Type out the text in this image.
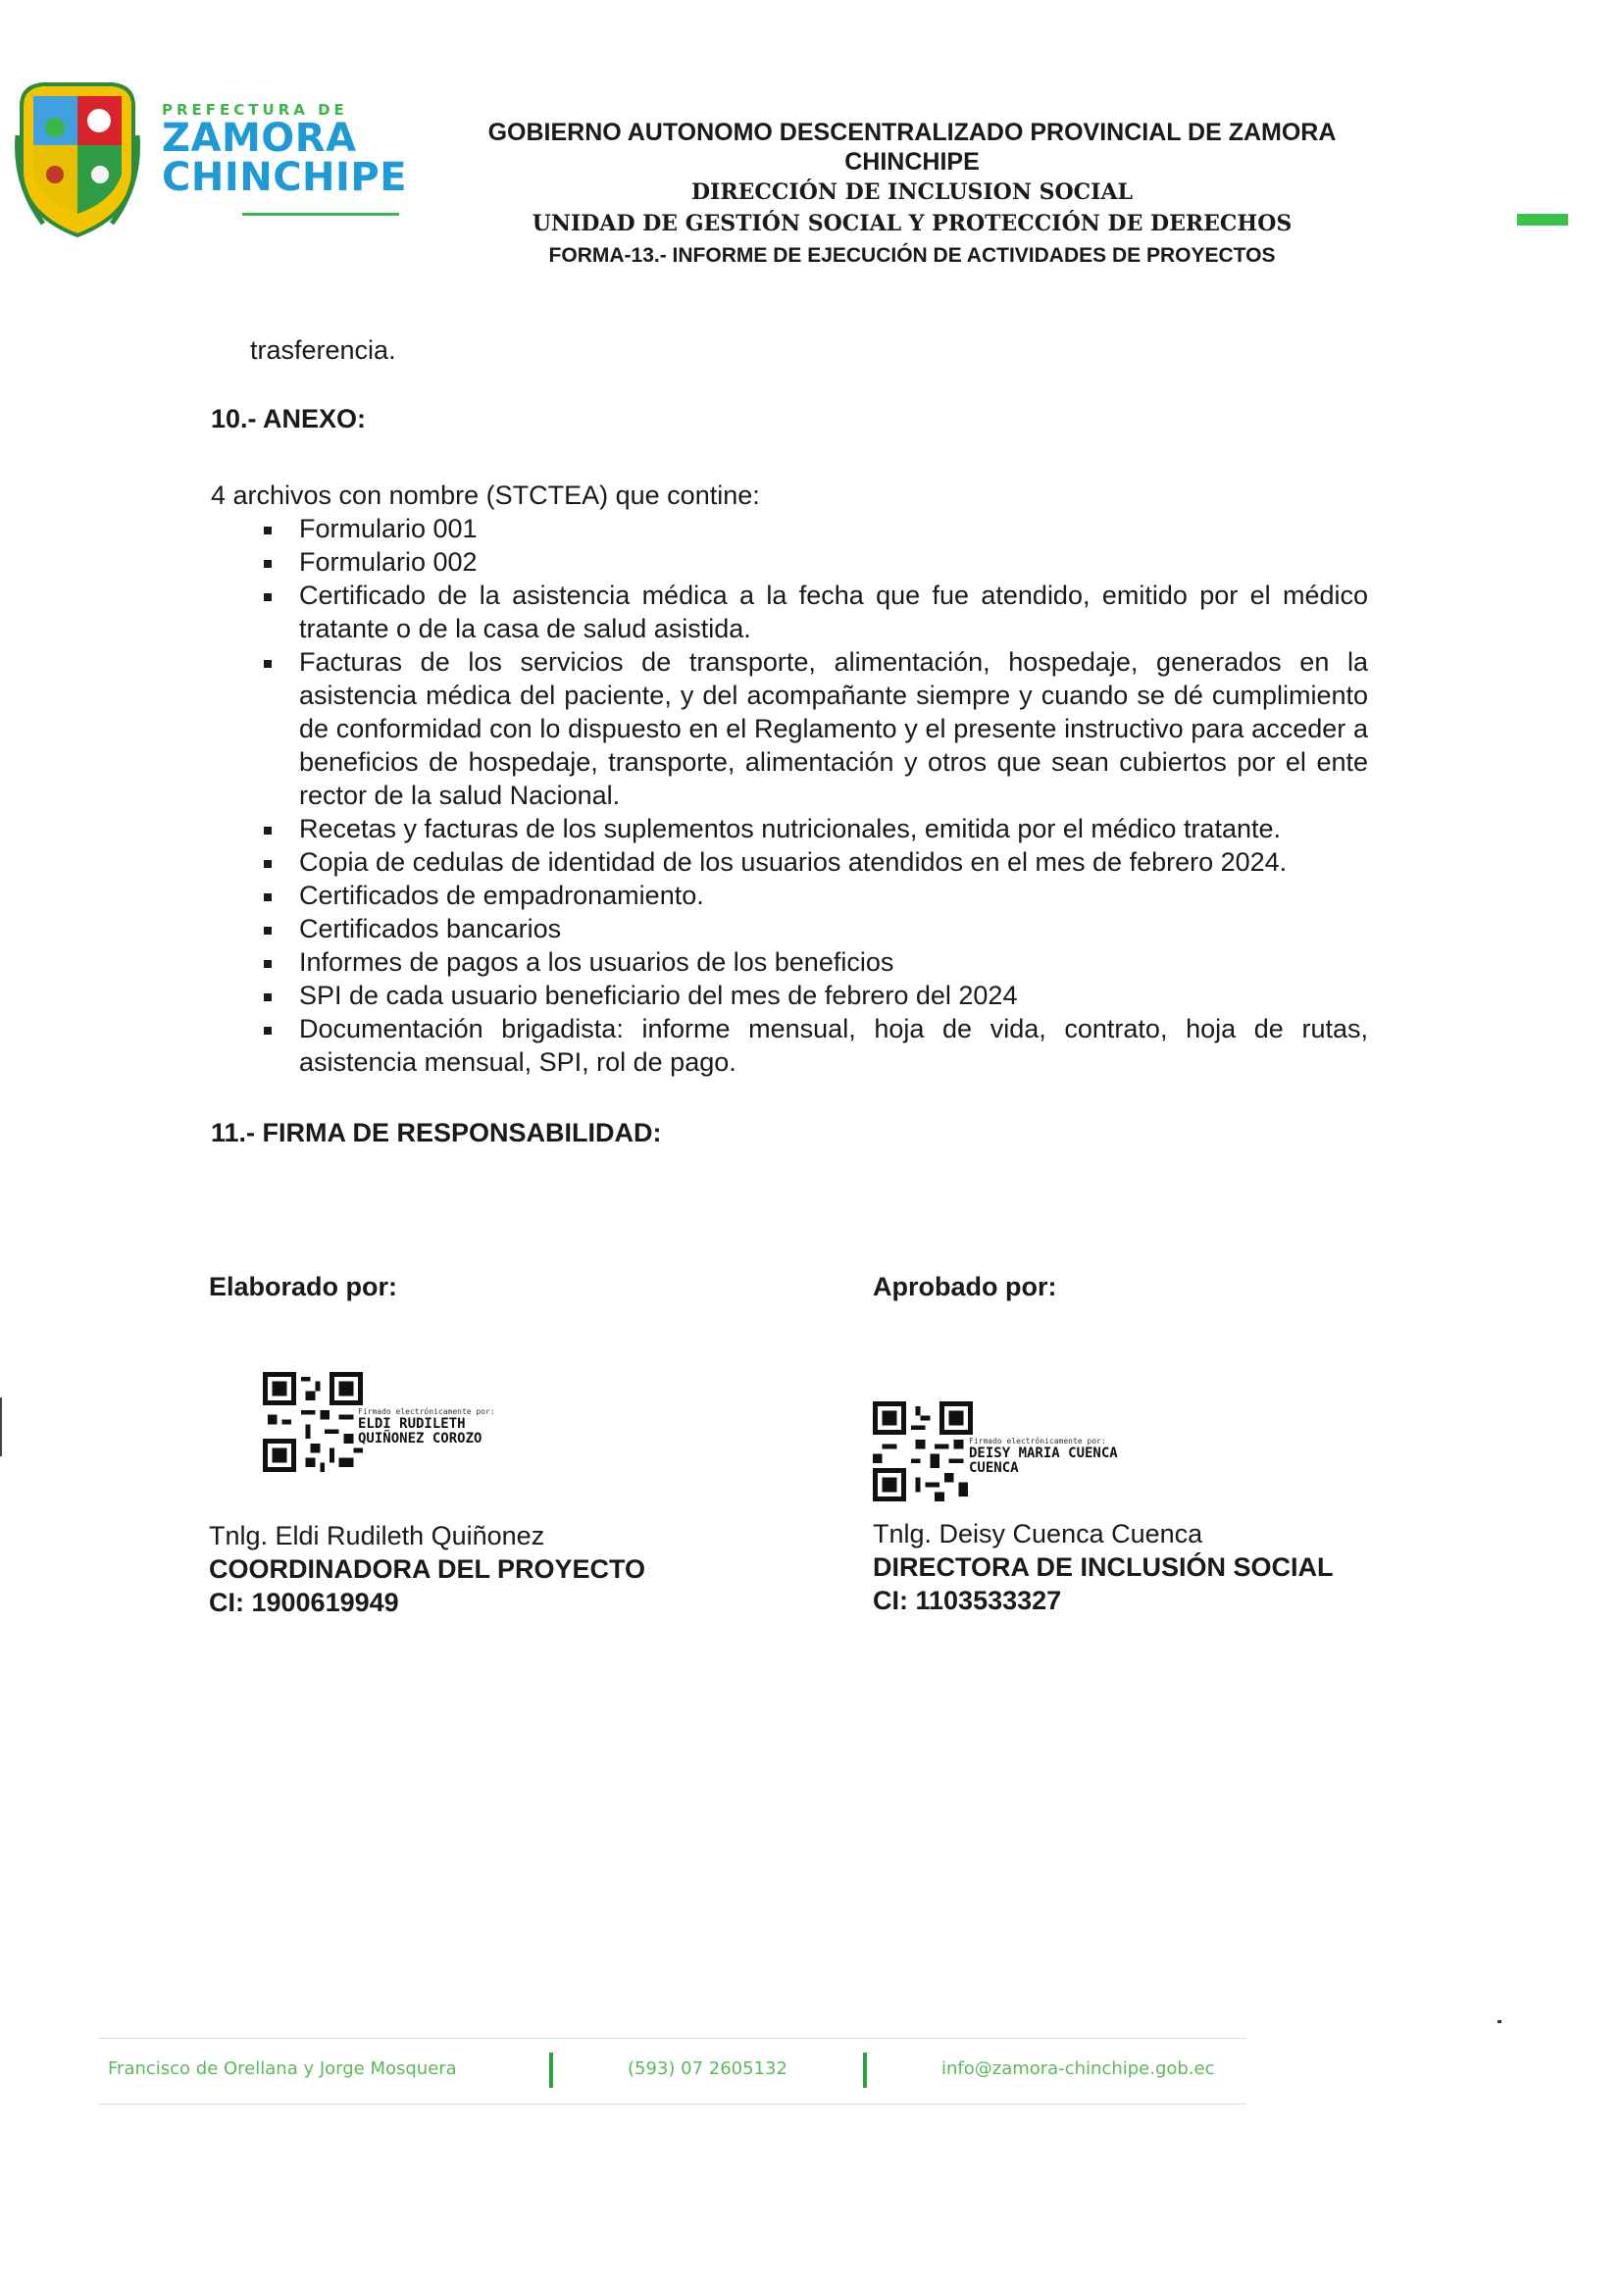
PREFECTURA DE
ZAMORA
CHINCHIPE
GOBIERNO AUTONOMO DESCENTRALIZADO PROVINCIAL DE ZAMORA
CHINCHIPE
DIRECCIÓN DE INCLUSION SOCIAL
UNIDAD DE GESTIÓN SOCIAL Y PROTECCIÓN DE DERECHOS
FORMA-13.- INFORME DE EJECUCIÓN DE ACTIVIDADES DE PROYECTOS

trasferencia.

10.- ANEXO:

4 archivos con nombre (STCTEA) que contine:

Formulario 001
Formulario 002
Certificado de la asistencia médica a la fecha que fue atendido, emitido por el médico tratante o de la casa de salud asistida.
Facturas de los servicios de transporte, alimentación, hospedaje, generados en la asistencia médica del paciente, y del acompañante siempre y cuando se dé cumplimiento de conformidad con lo dispuesto en el Reglamento y el presente instructivo para acceder a beneficios de hospedaje, transporte, alimentación y otros que sean cubiertos por el ente rector de la salud Nacional.
Recetas y facturas de los suplementos nutricionales, emitida por el médico tratante.
Copia de cedulas de identidad de los usuarios atendidos en el mes de febrero 2024.
Certificados de empadronamiento.
Certificados bancarios
Informes de pagos a los usuarios de los beneficios
SPI de cada usuario beneficiario del mes de febrero del 2024
Documentación brigadista: informe mensual, hoja de vida, contrato, hoja de rutas, asistencia mensual, SPI, rol de pago.
11.- FIRMA DE RESPONSABILIDAD:
Elaborado por:
Firmado electrónicamente por:
ELDI RUDILETH
QUIÑONEZ COROZO
Tnlg. Eldi Rudileth Quiñonez
COORDINADORA DEL PROYECTO
CI: 1900619949
Aprobado por:
Firmado electrónicamente por:
DEISY MARIA CUENCA
CUENCA
Tnlg. Deisy Cuenca Cuenca
DIRECTORA DE INCLUSIÓN SOCIAL
CI: 1103533327
Francisco de Orellana y Jorge Mosquera	(593) 07 2605132	info@zamora-chinchipe.gob.ec
